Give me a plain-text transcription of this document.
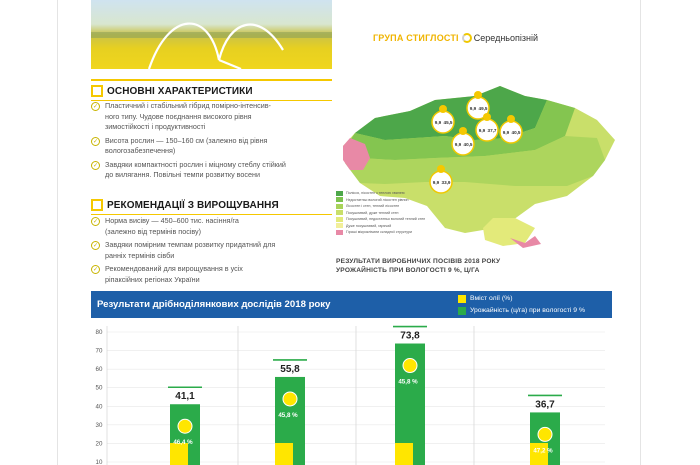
ОСНОВНІ ХАРАКТЕРИСТИКИ
✓ Пластичний і стабільний гібрид помірно-інтенсив-
ного типу. Чудове поєднання високого рівня
зимостійкості і продуктивності
✓ Висота рослин — 150–160 см (залежно від рівня
вологозабезпечення)
✓ Завдяки компактності рослин і міцному стеблу стійкий
до вилягання. Повільні темпи розвитку восени
РЕКОМЕНДАЦІЇ З ВИРОЩУВАННЯ
✓ Норма висіву — 450–600 тис. насіння/га
(залежно від термінів посіву)
✓ Завдяки помірним темпам розвитку придатний для
ранніх термінів сівби
✓ Рекомендований для вирощування в усіх
ріпаксійних регіонах України
ГРУПА СТИГЛОСТІ Середньопізній
9,9 49,5
9,9 45,5
9,9 37,7 9,9 40,5
9,9 40,5
9,9 33,9
Полісся, лісостеп з теплою хвилею
Недостатньо вологий лісостеп рівнин
Лісостеп і степ, теплий лісостеп
Посушливий, дуже теплий степ
Посушливий, недостатньо вологий теплий степ
Дуже посушливий, гарячий
Гірські мікроклімати складної структури
РЕЗУЛЬТАТИ ВИРОБНИЧИХ ПОСІВІВ 2018 РОКУ
УРОЖАЙНІСТЬ ПРИ ВОЛОГОСТІ 9 %, Ц/ГА
Результати дрібноділянкових дослідів 2018 року
Вміст олії (%)
Урожайність (ц/га) при вологості 9 %
80
70
60
50
40
30
20
10
41,1
46,4 %
55,8
45,8 %
73,8
45,8 %
36,7
47,2 %
